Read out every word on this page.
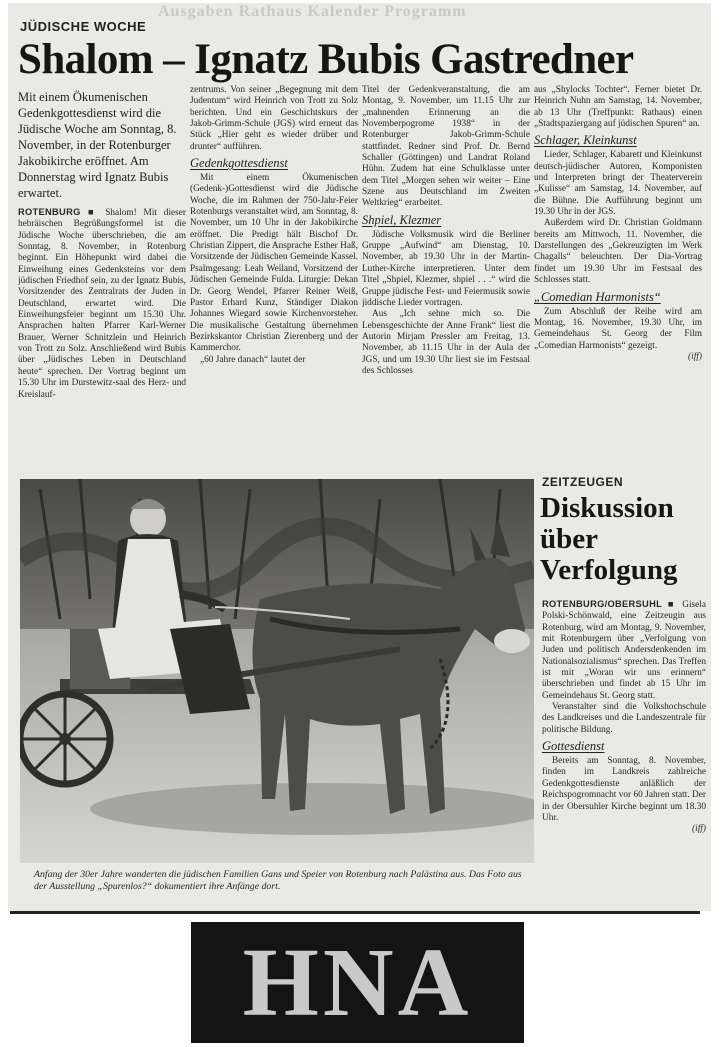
Ausgaben Rathaus Kalender Programm
JÜDISCHE WOCHE
Shalom – Ignatz Bubis Gastredner
Mit einem Ökumenischen Gedenkgottesdienst wird die Jüdische Woche am Sonntag, 8. November, in der Rotenburger Jakobikirche eröffnet. Am Donnerstag wird Ignatz Bubis erwartet.

ROTENBURG ■ Shalom! Mit dieser hebräischen Begrüßungsformel ist die Jüdische Woche überschrieben, die am Sonntag, 8. November, in Rotenburg beginnt. Ein Höhepunkt wird dabei die Einweihung eines Gedenksteins vor dem jüdischen Friedhof sein, zu der Ignatz Bubis, Vorsitzender des Zentralrats der Juden in Deutschland, erwartet wird. Die Einweihungsfeier beginnt um 15.30 Uhr. Ansprachen halten Pfarrer Karl-Werner Brauer, Werner Schnitzlein und Heinrich von Trott zu Solz. Anschließend wird Bubis über „Jüdisches Leben in Deutschland heute“ sprechen. Der Vortrag beginnt um 15.30 Uhr im Durstewitz-saal des Herz- und Kreislauf-

zentrums. Von seiner „Begegnung mit dem Judentum“ wird Heinrich von Trott zu Solz berichten. Und ein Geschichtskurs der Jakob-Grimm-Schule (JGS) wird erneut das Stück „Hier geht es wieder drüber und drunter“ aufführen.

Gedenkgottesdienst

Mit einem Ökumenischen (Gedenk-)Gottesdienst wird die Jüdische Woche, die im Rahmen der 750-Jahr-Feier Rotenburgs veranstaltet wird, am Sonntag, 8. November, um 10 Uhr in der Jakobikirche eröffnet. Die Predigt hält Bischof Dr. Christian Zippert, die Ansprache Esther Haß, Vorsitzende der Jüdischen Gemeinde Kassel. Psalmgesang: Leah Weiland, Vorsitzend der Jüdischen Gemeinde Fulda. Liturgie: Dekan Dr. Georg Wendel, Pfarrer Reiner Weiß, Pastor Erhard Kunz, Ständiger Diakon Johannes Wiegard sowie Kirchenvorsteher. Die musikalische Gestaltung übernehmen Bezirkskantor Christian Zierenberg und der Kammerchor.

„60 Jahre danach“ lautet der

Titel der Gedenkveranstaltung, die am Montag, 9. November, um 11.15 Uhr zur „mahnenden Erinnerung an die Novemberpogrome 1938“ in der Rotenburger Jakob-Grimm-Schule stattfindet. Redner sind Prof. Dr. Bernd Schaller (Göttingen) und Landrat Roland Hühn. Zudem hat eine Schulklasse unter dem Titel „Morgen sehen wir weiter – Eine Szene aus Deutschland im Zweiten Weltkrieg“ erarbeitet.

Shpiel, Klezmer

Jüdische Volksmusik wird die Berliner Gruppe „Aufwind“ am Dienstag, 10. November, ab 19.30 Uhr in der Martin-Luther-Kirche interpretieren. Unter dem Titel „Shpiel, Klezmer, shpiel . . .“ wird die Gruppe jüdische Fest- und Feiermusik sowie jiddische Lieder vortragen.

Aus „Ich sehne mich so. Die Lebensgeschichte der Anne Frank“ liest die Autorin Mirjam Pressler am Freitag, 13. November, ab 11.15 Uhr in der Aula der JGS, und um 19.30 Uhr liest sie im Festsaal des Schlosses

aus „Shylocks Tochter“. Ferner bietet Dr. Heinrich Nuhn am Samstag, 14. November, ab 13 Uhr (Treffpunkt: Rathaus) einen „Stadtspaziergang auf jüdischen Spuren“ an.

Schlager, Kleinkunst

Lieder, Schlager, Kabarett und Kleinkunst deutsch-jüdischer Autoren, Komponisten und Interpreten bringt der Theaterverein „Kulisse“ am Samstag, 14. November, auf die Bühne. Die Aufführung beginnt um 19.30 Uhr in der JGS.

Außerdem wird Dr. Christian Goldmann bereits am Mittwoch, 11. November, die Darstellungen des „Gekreuzigten im Werk Chagalls“ beleuchten. Der Dia-Vortrag findet um 19.30 Uhr im Festsaal des Schlosses statt.

„Comedian Harmonists“

Zum Abschluß der Reihe wird am Montag, 16. November, 19.30 Uhr, im Gemeindehaus St. Georg der Film „Comedian Harmonists“ gezeigt.

(iff)

Anfang der 30er Jahre wanderten die jüdischen Familien Gans und Speier von Rotenburg nach Palästina aus. Das Foto aus der Ausstellung „Spurenlos?“ dokumentiert ihre Anfänge dort.
ZEITZEUGEN
Diskussion über Verfolgung

ROTENBURG/OBERSUHL ■ Gisela Polski-Schönwald, eine Zeitzeugin aus Rotenburg, wird am Montag, 9. November, mit Rotenburgern über „Verfolgung von Juden und politisch Andersdenkenden im Nationalsozialismus“ sprechen. Das Treffen ist mit „Woran wir uns erinnern“ überschrieben und findet ab 15 Uhr im Gemeindehaus St. Georg statt.

Veranstalter sind die Volkshochschule des Landkreises und die Landeszentrale für politische Bildung.

Gottesdienst

Bereits am Sonntag, 8. November, finden im Landkreis zahlreiche Gedenkgottesdienste anläßlich der Reichspogromnacht vor 60 Jahren statt. Der in der Obersuhler Kirche beginnt um 18.30 Uhr.

(iff)

HNA
